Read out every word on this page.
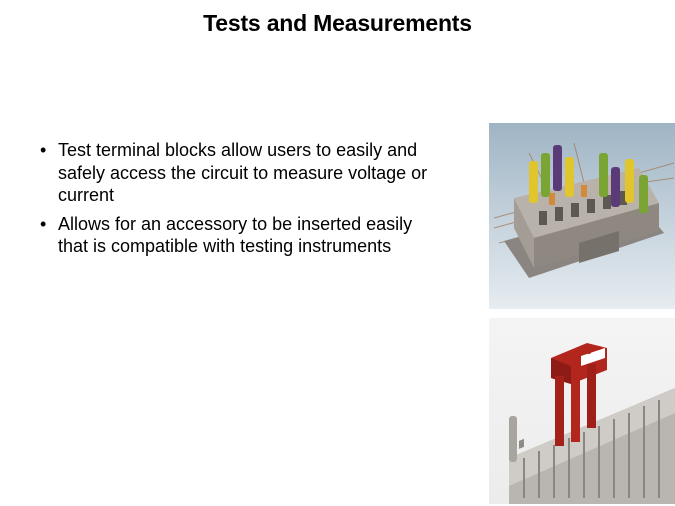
Tests and Measurements
• Test terminal blocks allow users to easily and safely access the circuit to measure voltage or current
• Allows for an accessory to be inserted easily that is compatible with testing instruments
